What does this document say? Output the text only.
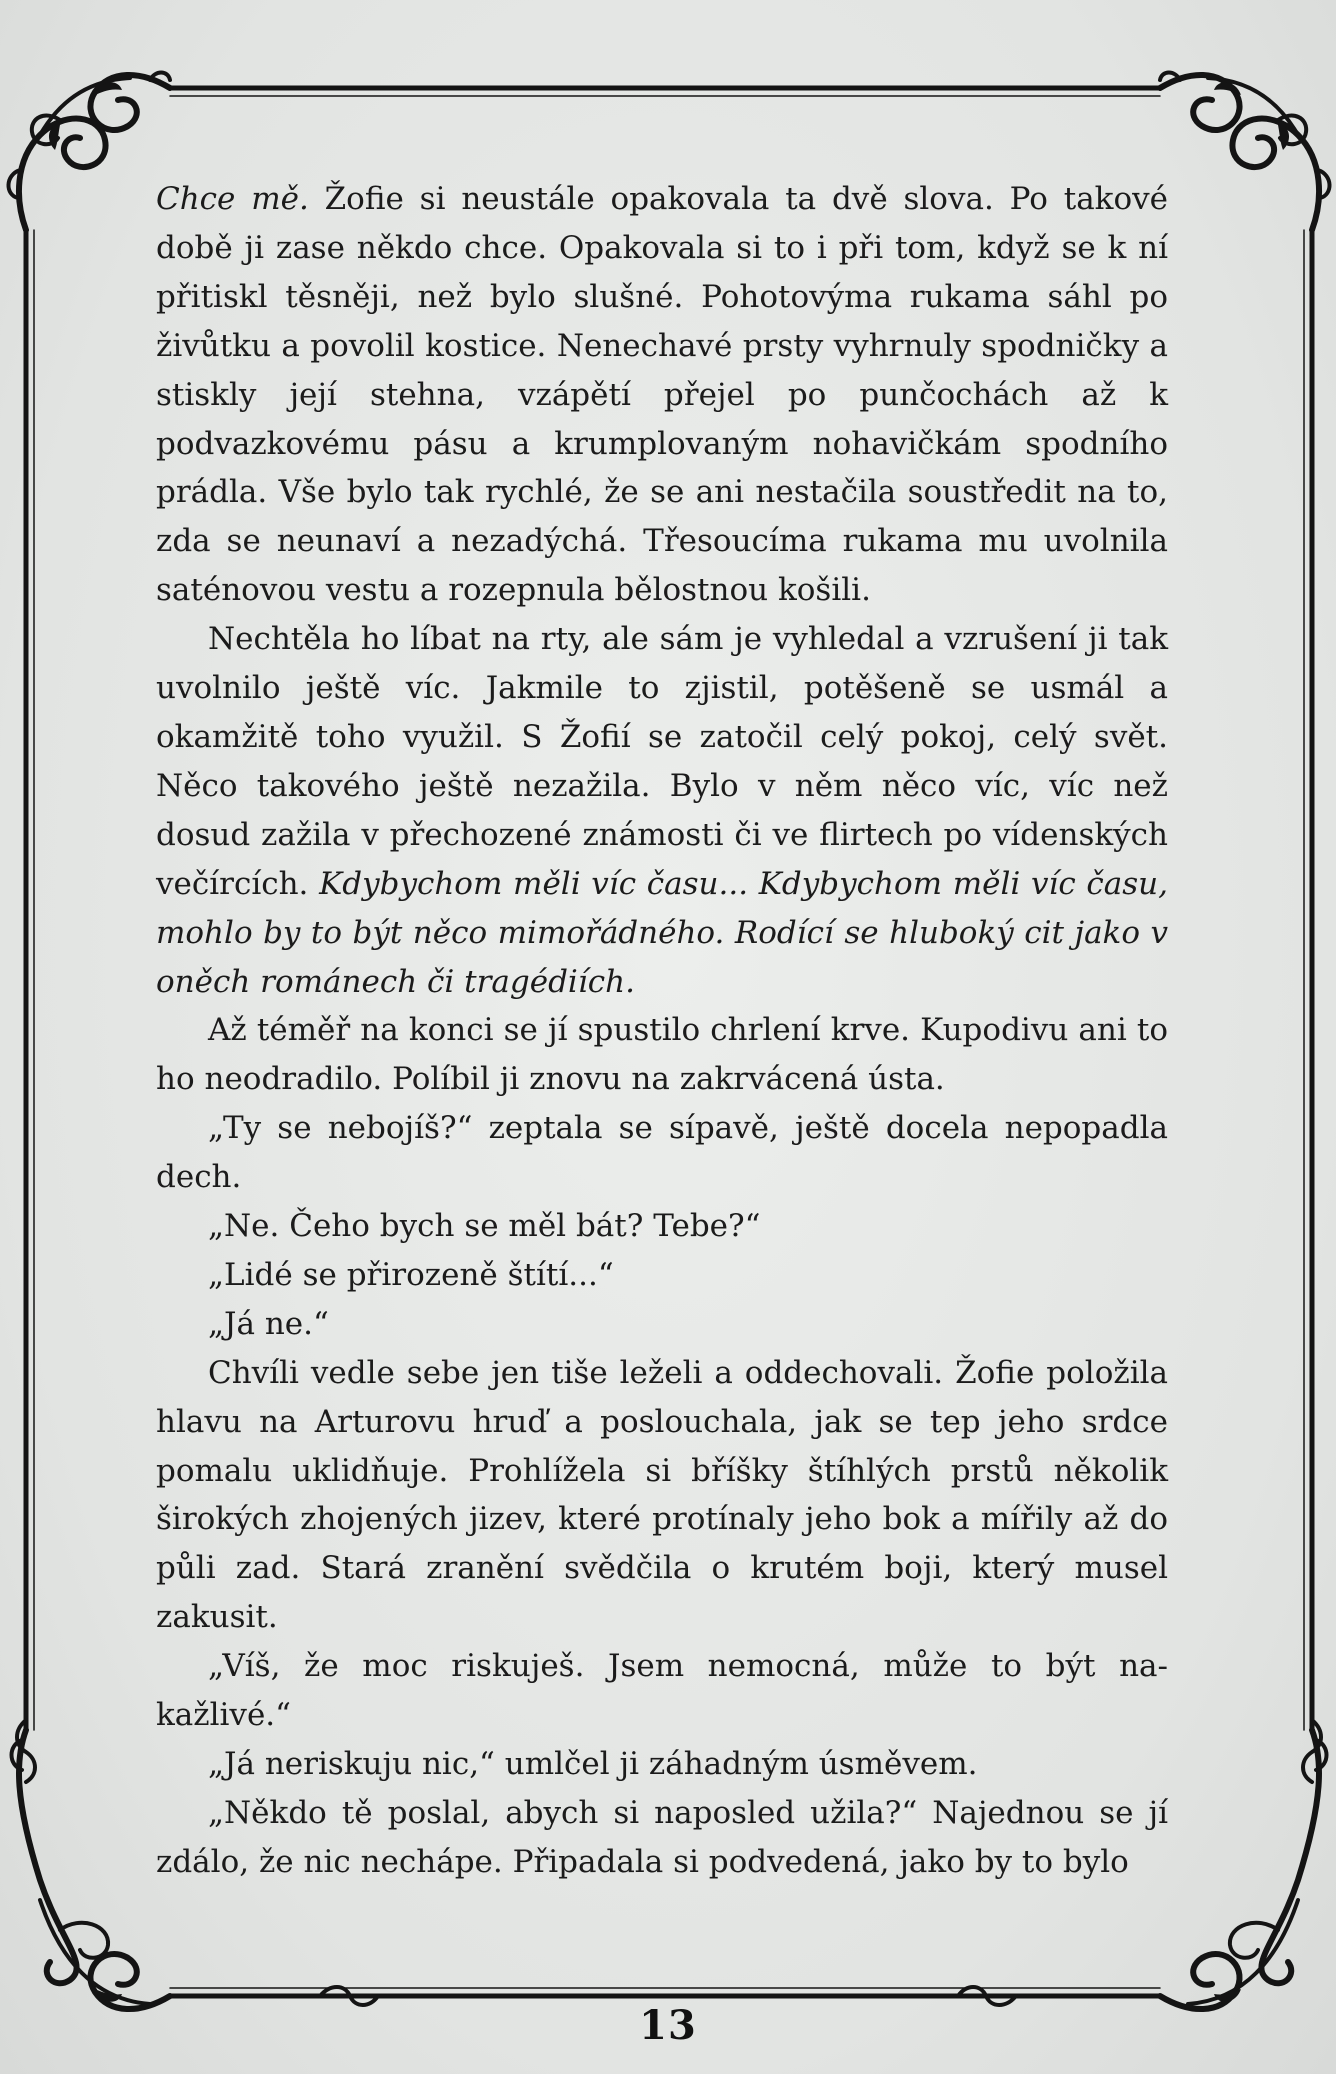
Chce mě. Žofie si neustále opakovala ta dvě slova. Po takové době ji zase někdo chce. Opakovala si to i při tom, když se k ní přitiskl těsněji, než bylo slušné. Pohotovýma rukama sáhl po živůtku a povolil kostice. Nenechavé prsty vyhrnuly spodničky a stiskly její stehna, vzápětí přejel po punčochách až k podvazkovému pásu a krumplovaným nohavičkám spodního prádla. Vše bylo tak rychlé, že se ani nestačila soustředit na to, zda se neunaví a nezadýchá. Třesoucíma rukama mu uvolnila saténovou vestu a rozepnula bělostnou košili.

Nechtěla ho líbat na rty, ale sám je vyhledal a vzrušení ji tak uvolnilo ještě víc. Jakmile to zjistil, potěšeně se usmál a okamžitě toho využil. S Žofií se zatočil celý pokoj, celý svět. Něco takového ještě nezažila. Bylo v něm něco víc, víc než dosud zažila v přechozené známosti či ve flirtech po vídenských večírcích. Kdybychom měli víc času... Kdybychom měli víc času, mohlo by to být něco mimořádného. Rodící se hluboký cit jako v oněch románech či tragédiích.

Až téměř na konci se jí spustilo chrlení krve. Kupodivu ani to ho neodradilo. Políbil ji znovu na zakrvácená ústa.

„Ty se nebojíš?“ zeptala se sípavě, ještě docela nepopadla dech.

„Ne. Čeho bych se měl bát? Tebe?“

„Lidé se přirozeně štítí...“

„Já ne.“

Chvíli vedle sebe jen tiše leželi a oddechovali. Žofie položila hlavu na Arturovu hruď a poslouchala, jak se tep jeho srdce pomalu uklidňuje. Prohlížela si bříšky štíhlých prstů několik širokých zhojených jizev, které protínaly jeho bok a mířily až do půli zad. Stará zranění svědčila o krutém boji, který musel zakusit.

„Víš, že moc riskuješ. Jsem nemocná, může to být nakažlivé.“

„Já neriskuju nic,“ umlčel ji záhadným úsměvem.

„Někdo tě poslal, abych si naposled užila?“ Najednou se jí zdálo, že nic nechápe. Připadala si podvedená, jako by to bylo

13
